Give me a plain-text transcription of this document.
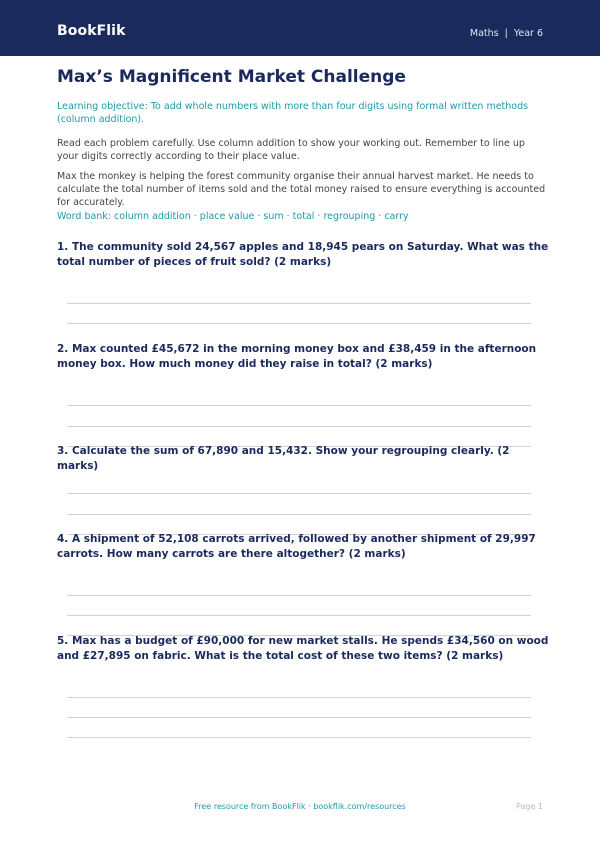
BookFlik	Maths | Year 6
Max’s Magnificent Market Challenge
Learning objective: To add whole numbers with more than four digits using formal written methods (column addition).
Read each problem carefully. Use column addition to show your working out. Remember to line up your digits correctly according to their place value.
Max the monkey is helping the forest community organise their annual harvest market. He needs to calculate the total number of items sold and the total money raised to ensure everything is accounted for accurately.
Word bank: column addition · place value · sum · total · regrouping · carry
1. The community sold 24,567 apples and 18,945 pears on Saturday. What was the total number of pieces of fruit sold? (2 marks)
2. Max counted £45,672 in the morning money box and £38,459 in the afternoon money box. How much money did they raise in total? (2 marks)
3. Calculate the sum of 67,890 and 15,432. Show your regrouping clearly. (2 marks)
4. A shipment of 52,108 carrots arrived, followed by another shipment of 29,997 carrots. How many carrots are there altogether? (2 marks)
5. Max has a budget of £90,000 for new market stalls. He spends £34,560 on wood and £27,895 on fabric. What is the total cost of these two items? (2 marks)
Free resource from BookFlik · bookflik.com/resources	Page 1
